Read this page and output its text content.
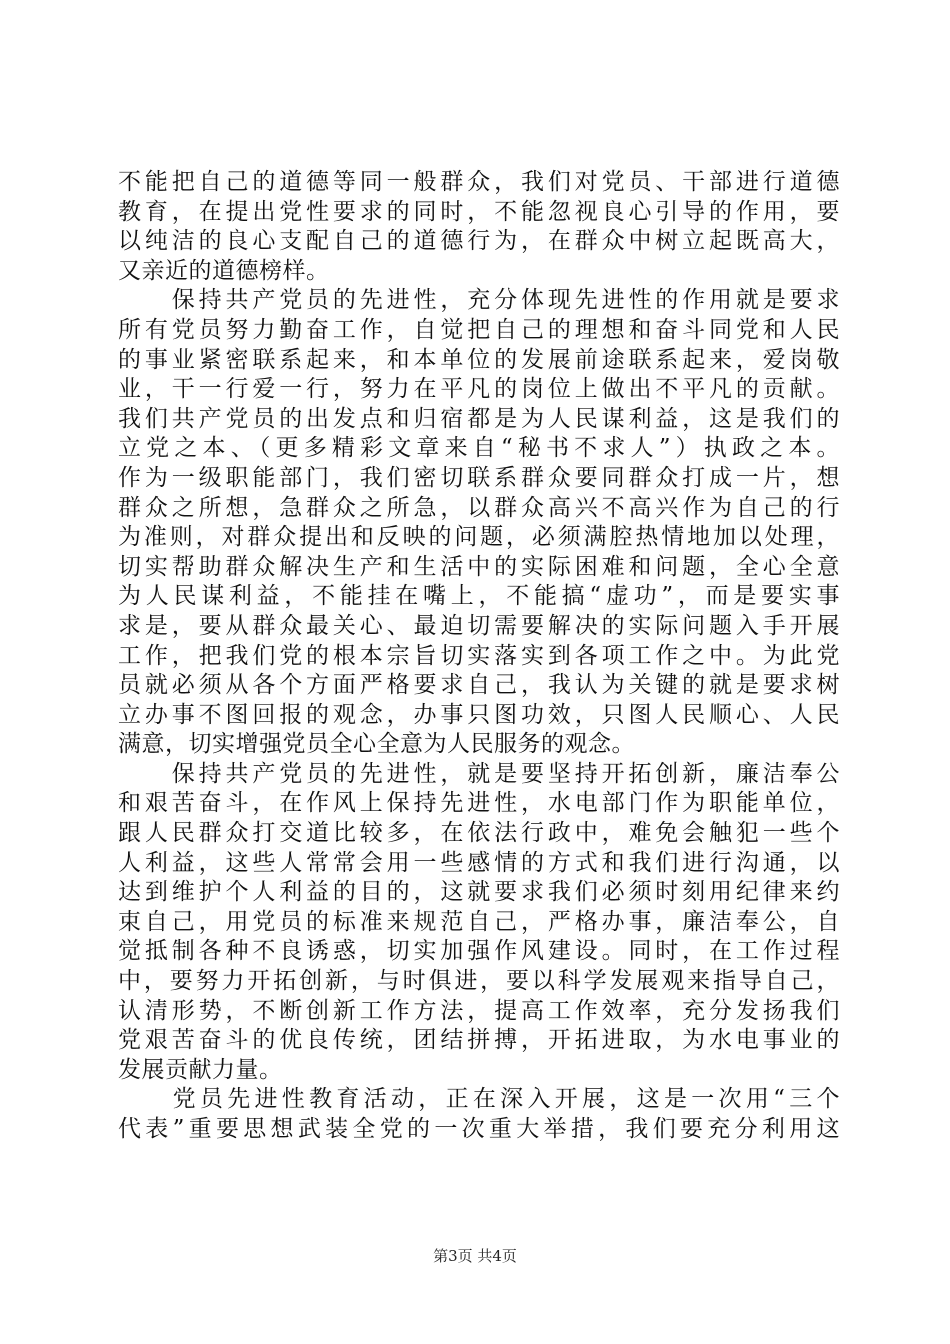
不能把自己的道德等同一般群众，我们对党员、干部进行道德
教育，在提出党性要求的同时，不能忽视良心引导的作用，要
以纯洁的良心支配自己的道德行为，在群众中树立起既高大，
又亲近的道德榜样。
　　保持共产党员的先进性，充分体现先进性的作用就是要求
所有党员努力勤奋工作，自觉把自己的理想和奋斗同党和人民
的事业紧密联系起来，和本单位的发展前途联系起来，爱岗敬
业，干一行爱一行，努力在平凡的岗位上做出不平凡的贡献。
我们共产党员的出发点和归宿都是为人民谋利益，这是我们的
立党之本、（更多精彩文章来自“秘书不求人”）执政之本。
作为一级职能部门，我们密切联系群众要同群众打成一片，想
群众之所想，急群众之所急，以群众高兴不高兴作为自己的行
为准则，对群众提出和反映的问题，必须满腔热情地加以处理，
切实帮助群众解决生产和生活中的实际困难和问题，全心全意
为人民谋利益，不能挂在嘴上，不能搞“虚功”，而是要实事
求是，要从群众最关心、最迫切需要解决的实际问题入手开展
工作，把我们党的根本宗旨切实落实到各项工作之中。为此党
员就必须从各个方面严格要求自己，我认为关键的就是要求树
立办事不图回报的观念，办事只图功效，只图人民顺心、人民
满意，切实增强党员全心全意为人民服务的观念。
　　保持共产党员的先进性，就是要坚持开拓创新，廉洁奉公
和艰苦奋斗，在作风上保持先进性，水电部门作为职能单位，
跟人民群众打交道比较多，在依法行政中，难免会触犯一些个
人利益，这些人常常会用一些感情的方式和我们进行沟通，以
达到维护个人利益的目的，这就要求我们必须时刻用纪律来约
束自己，用党员的标准来规范自己，严格办事，廉洁奉公，自
觉抵制各种不良诱惑，切实加强作风建设。同时，在工作过程
中，要努力开拓创新，与时俱进，要以科学发展观来指导自己，
认清形势，不断创新工作方法，提高工作效率，充分发扬我们
党艰苦奋斗的优良传统，团结拼搏，开拓进取，为水电事业的
发展贡献力量。
　　党员先进性教育活动，正在深入开展，这是一次用“三个
代表”重要思想武装全党的一次重大举措，我们要充分利用这
第3页 共4页
